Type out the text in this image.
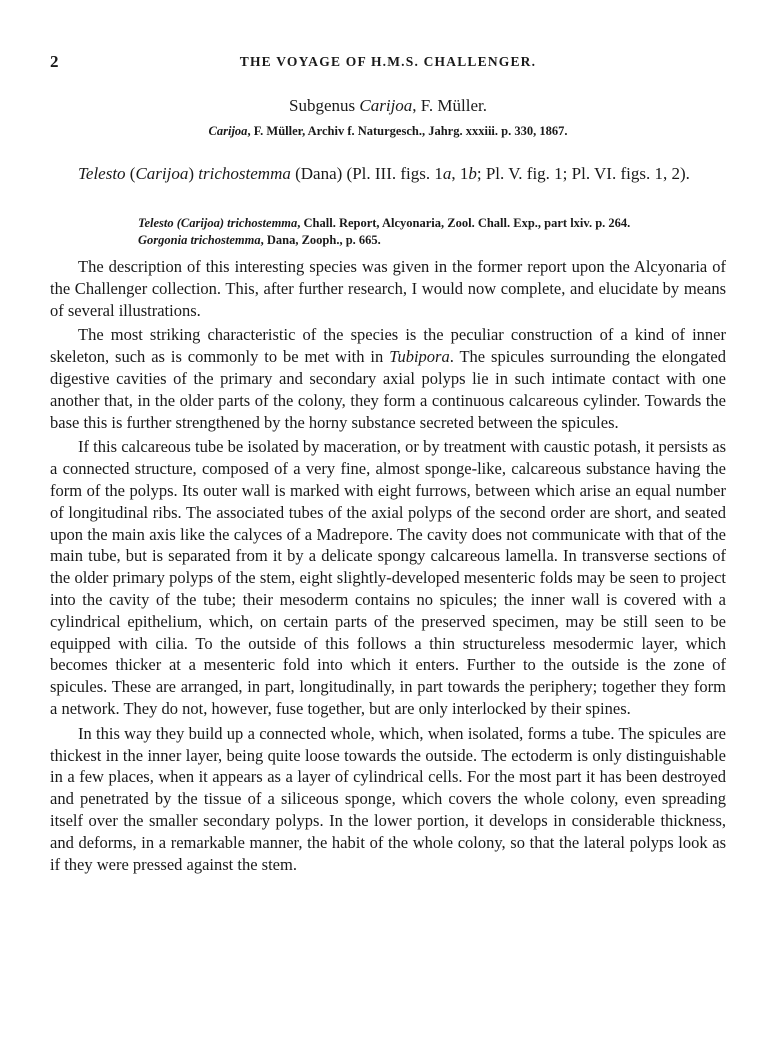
2	THE VOYAGE OF H.M.S. CHALLENGER.
Subgenus Carijoa, F. Müller.
Carijoa, F. Müller, Archiv f. Naturgesch., Jahrg. xxxiii. p. 330, 1867.
Telesto (Carijoa) trichostemma (Dana) (Pl. III. figs. 1a, 1b; Pl. V. fig. 1; Pl. VI. figs. 1, 2).
Telesto (Carijoa) trichostemma, Chall. Report, Alcyonaria, Zool. Chall. Exp., part lxiv. p. 264.
Gorgonia trichostemma, Dana, Zooph., p. 665.

The description of this interesting species was given in the former report upon the Alcyonaria of the Challenger collection. This, after further research, I would now complete, and elucidate by means of several illustrations.

The most striking characteristic of the species is the peculiar construction of a kind of inner skeleton, such as is commonly to be met with in Tubipora. The spicules surrounding the elongated digestive cavities of the primary and secondary axial polyps lie in such intimate contact with one another that, in the older parts of the colony, they form a continuous calcareous cylinder. Towards the base this is further strengthened by the horny substance secreted between the spicules.

If this calcareous tube be isolated by maceration, or by treatment with caustic potash, it persists as a connected structure, composed of a very fine, almost sponge-like, calcareous substance having the form of the polyps. Its outer wall is marked with eight furrows, between which arise an equal number of longitudinal ribs. The associated tubes of the axial polyps of the second order are short, and seated upon the main axis like the calyces of a Madrepore. The cavity does not communicate with that of the main tube, but is separated from it by a delicate spongy calcareous lamella. In transverse sections of the older primary polyps of the stem, eight slightly-developed mesenteric folds may be seen to project into the cavity of the tube; their mesoderm contains no spicules; the inner wall is covered with a cylindrical epithelium, which, on certain parts of the preserved specimen, may be still seen to be equipped with cilia. To the outside of this follows a thin structureless mesodermic layer, which becomes thicker at a mesenteric fold into which it enters. Further to the outside is the zone of spicules. These are arranged, in part, longitudinally, in part towards the periphery; together they form a network. They do not, however, fuse together, but are only interlocked by their spines.

In this way they build up a connected whole, which, when isolated, forms a tube. The spicules are thickest in the inner layer, being quite loose towards the outside. The ectoderm is only distinguishable in a few places, when it appears as a layer of cylindrical cells. For the most part it has been destroyed and penetrated by the tissue of a siliceous sponge, which covers the whole colony, even spreading itself over the smaller secondary polyps. In the lower portion, it develops in considerable thickness, and deforms, in a remarkable manner, the habit of the whole colony, so that the lateral polyps look as if they were pressed against the stem.
